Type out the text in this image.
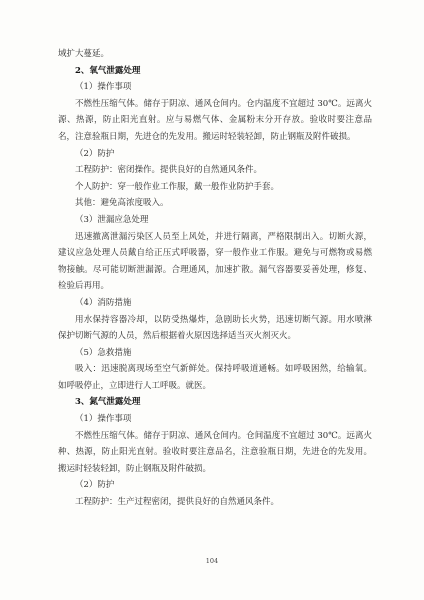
域扩大蔓延。

2、氧气泄露处理

（1）操作事项

不燃性压缩气体。储存于阴凉、通风仓间内。仓内温度不宜超过 30℃。远离火源、热源，防止阳光直射。应与易燃气体、金属粉末分开存放。验收时要注意品名，注意验瓶日期，先进仓的先发用。搬运时轻装轻卸，防止钢瓶及附件破损。

（2）防护

工程防护：密闭操作。提供良好的自然通风条件。

个人防护：穿一般作业工作服，戴一般作业防护手套。

其他：避免高浓度吸入。

（3）泄漏应急处理

迅速撤离泄漏污染区人员至上风处，并进行隔离，严格限制出入。切断火源，建议应急处理人员戴自给正压式呼吸器，穿一般作业工作服。避免与可燃物或易燃物接触。尽可能切断泄漏源。合理通风，加速扩散。漏气容器要妥善处理，修复、检验后再用。

（4）消防措施

用水保持容器冷却，以防受热爆炸，急剧助长火势，迅速切断气源。用水喷淋保护切断气源的人员，然后根据着火原因选择适当灭火剂灭火。

（5）急救措施

吸入：迅速脱离现场至空气新鲜处。保持呼吸道通畅。如呼吸困然，给输氧。如呼吸停止，立即进行人工呼吸。就医。

3、氮气泄露处理

（1）操作事项

不燃性压缩气体。储存于阴凉、通风仓间内。仓间温度不宜超过 30℃。远离火种、热源，防止阳光直射。验收时要注意品名，注意验瓶日期，先进仓的先发用。搬运时轻装轻卸，防止钢瓶及附件破损。

（2）防护

工程防护：生产过程密闭，提供良好的自然通风条件。

104
